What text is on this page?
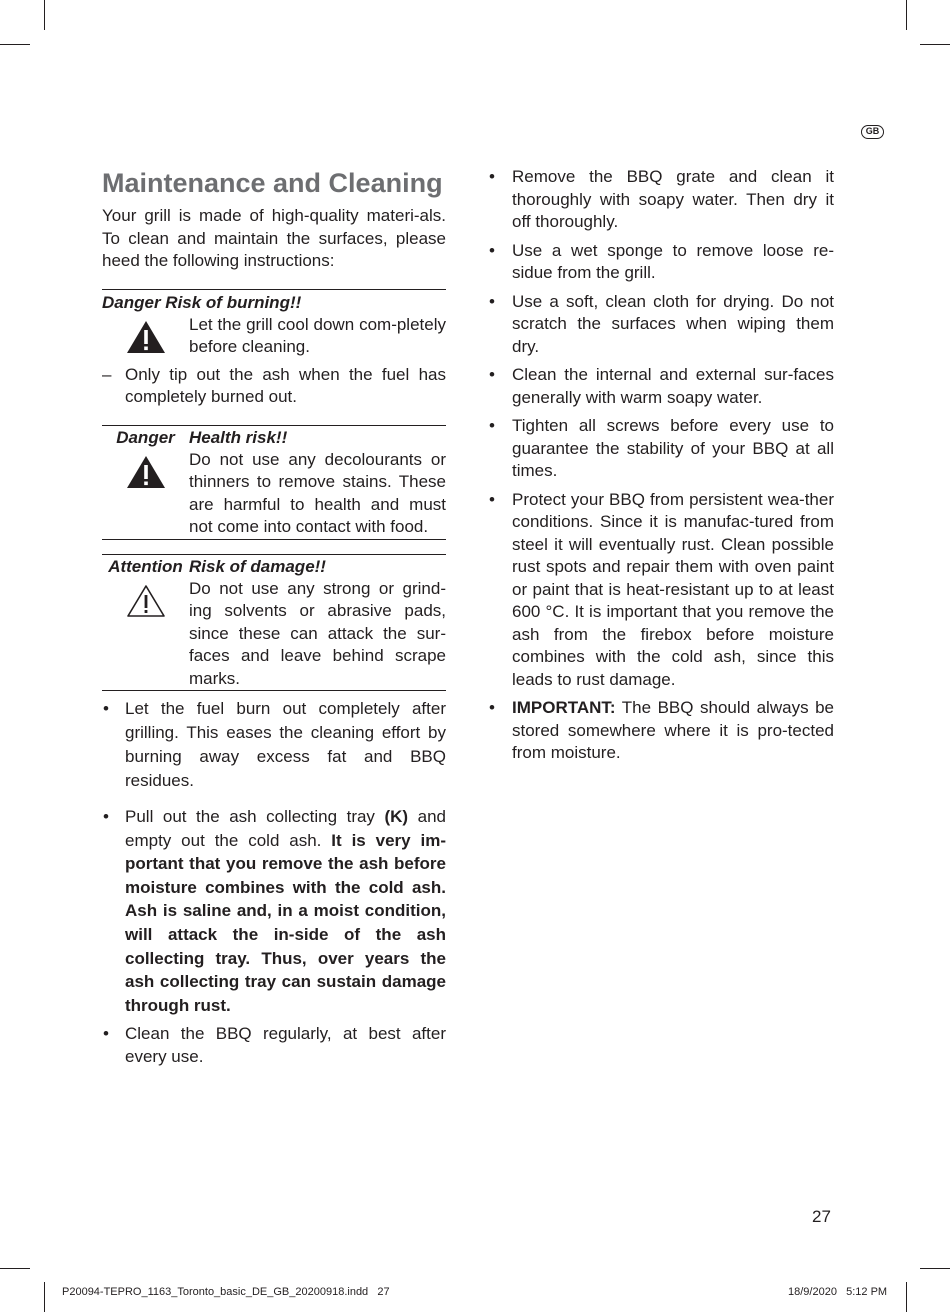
GB
Maintenance and Cleaning

Your grill is made of high-quality materi-als. To clean and maintain the surfaces, please heed the following instructions:

Danger Risk of burning!!

Let the grill cool down com-pletely before cleaning.

– Only tip out the ash when the fuel has completely burned out.
Danger Health risk!!

Do not use any decolourants or thinners to remove stains. These are harmful to health and must not come into contact with food.

Attention Risk of damage!!

Do not use any strong or grind-ing solvents or abrasive pads, since these can attack the sur-faces and leave behind scrape marks.

• Let the fuel burn out completely after grilling. This eases the cleaning effort by burning away excess fat and BBQ residues.
• Pull out the ash collecting tray (K) and empty out the cold ash. It is very im-portant that you remove the ash before moisture combines with the cold ash. Ash is saline and, in a moist condition, will attack the in-side of the ash collecting tray. Thus, over years the ash collecting tray can sustain damage through rust.
• Clean the BBQ regularly, at best after every use.
• Remove the BBQ grate and clean it thoroughly with soapy water. Then dry it off thoroughly.
• Use a wet sponge to remove loose re-sidue from the grill.
• Use a soft, clean cloth for drying. Do not scratch the surfaces when wiping them dry.
• Clean the internal and external sur-faces generally with warm soapy water.
• Tighten all screws before every use to guarantee the stability of your BBQ at all times.
• Protect your BBQ from persistent wea-ther conditions. Since it is manufac-tured from steel it will eventually rust. Clean possible rust spots and repair them with oven paint or paint that is heat-resistant up to at least 600 °C. It is important that you remove the ash from the firebox before moisture combines with the cold ash, since this leads to rust damage.
• IMPORTANT: The BBQ should always be stored somewhere where it is pro-tected from moisture.
27
P20094-TEPRO_1163_Toronto_basic_DE_GB_20200918.indd   27	18/9/2020   5:12 PM
